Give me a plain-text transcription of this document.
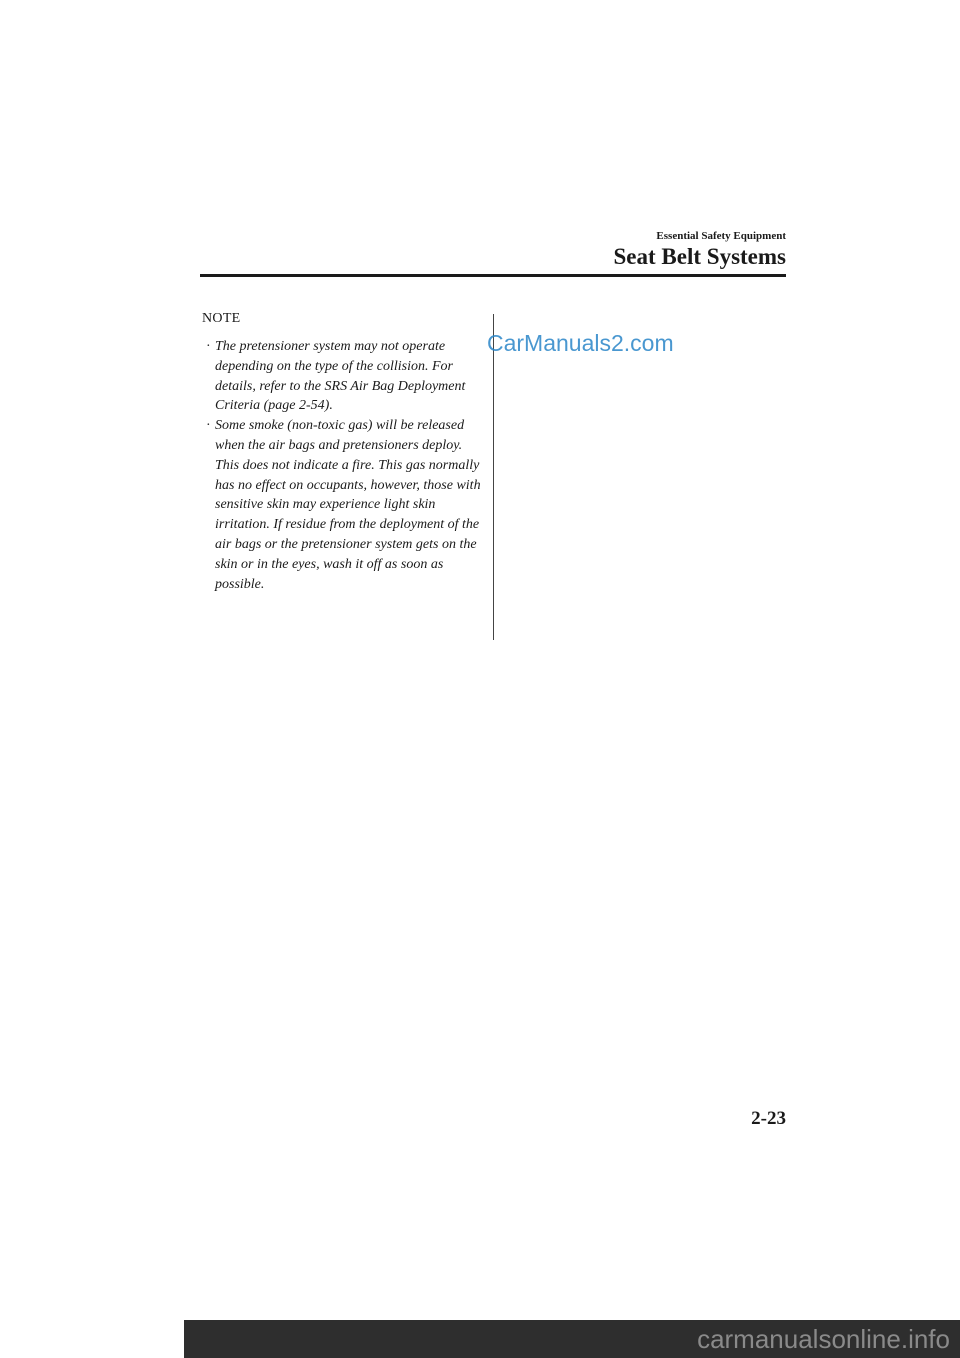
Essential Safety Equipment
Seat Belt Systems
NOTE
· The pretensioner system may not operate depending on the type of the collision. For details, refer to the SRS Air Bag Deployment Criteria (page 2-54).
· Some smoke (non-toxic gas) will be released when the air bags and pretensioners deploy. This does not indicate a fire. This gas normally has no effect on occupants, however, those with sensitive skin may experience light skin irritation. If residue from the deployment of the air bags or the pretensioner system gets on the skin or in the eyes, wash it off as soon as possible.
CarManuals2.com
2-23
carmanualsonline.info
